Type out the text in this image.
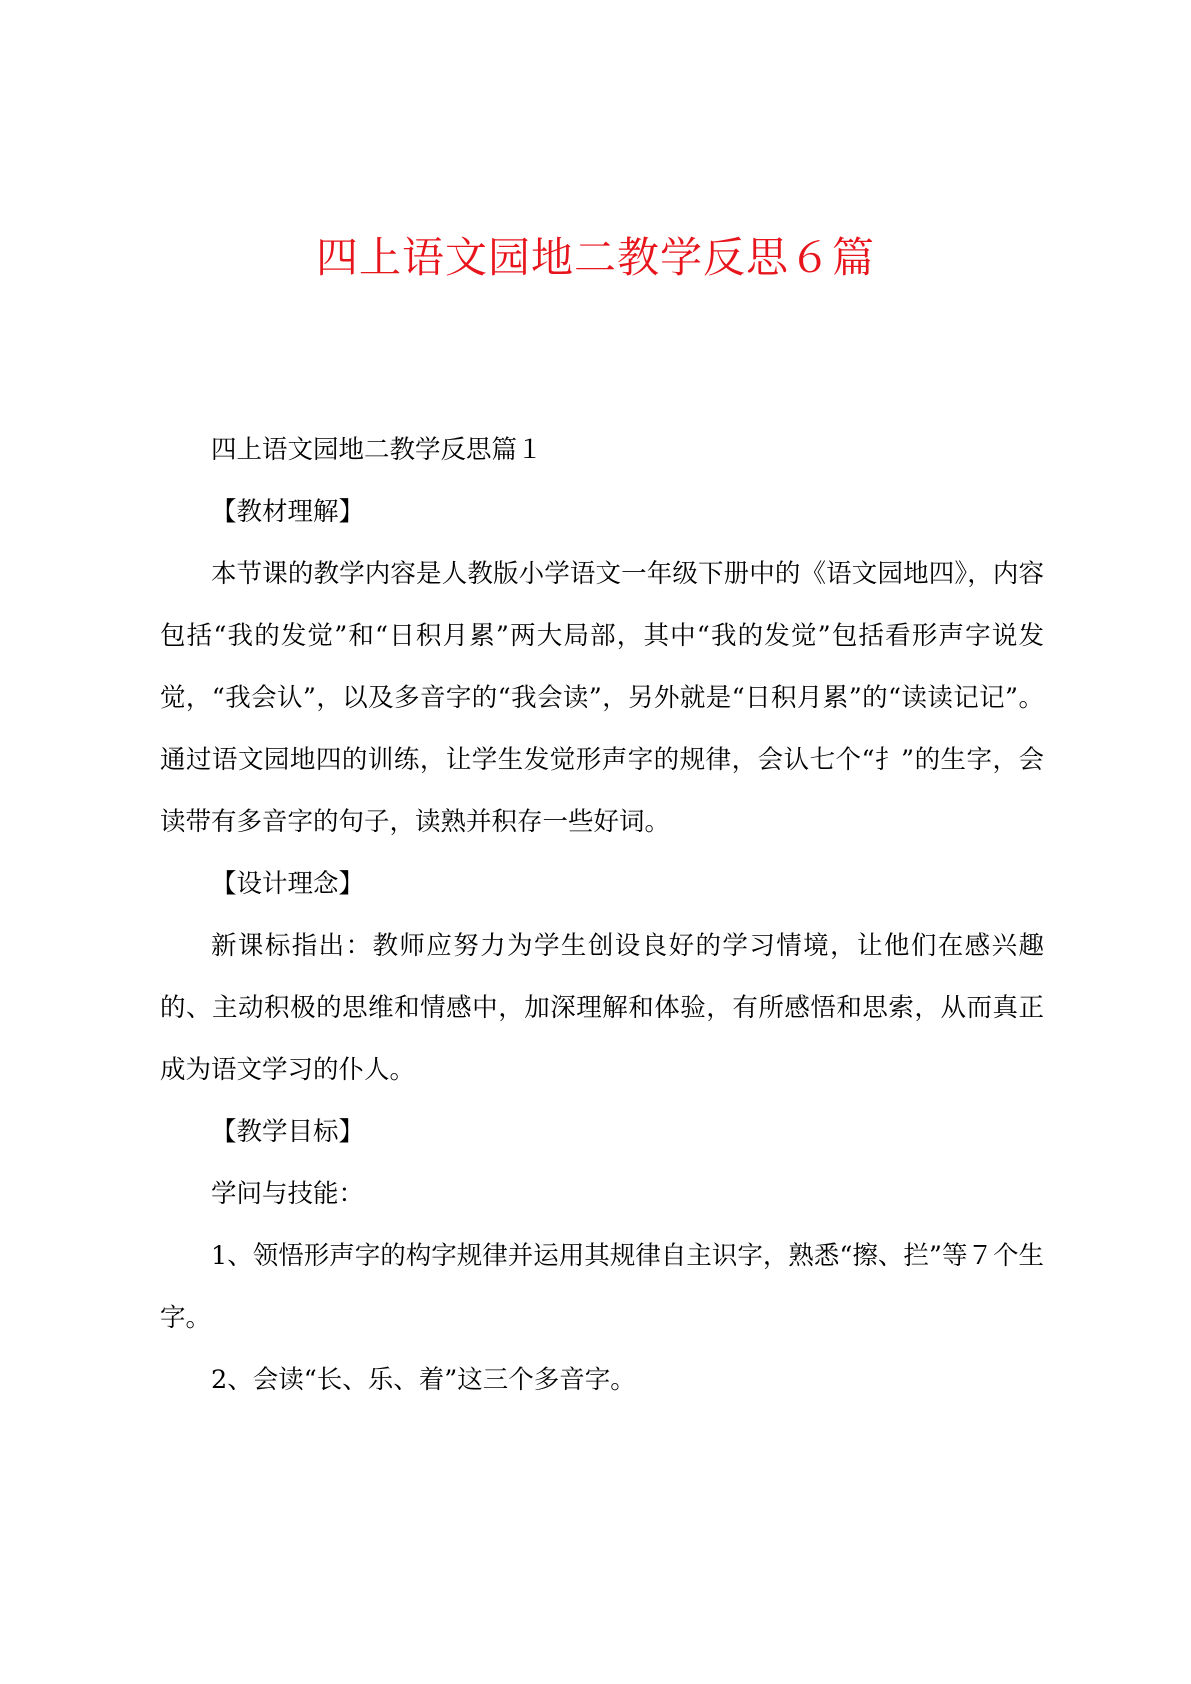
四上语文园地二教学反思６篇

四上语文园地二教学反思篇１

【教材理解】

本节课的教学内容是人教版小学语文一年级下册中的《语文园地四》，内容包括“我的发觉”和“日积月累”两大局部，其中“我的发觉”包括看形声字说发觉，“我会认”，以及多音字的“我会读”，另外就是“日积月累”的“读读记记”。通过语文园地四的训练，让学生发觉形声字的规律，会认七个“扌”的生字，会读带有多音字的句子，读熟并积存一些好词。

【设计理念】

新课标指出：教师应努力为学生创设良好的学习情境，让他们在感兴趣的、主动积极的思维和情感中，加深理解和体验，有所感悟和思索，从而真正成为语文学习的仆人。

【教学目标】

学问与技能：

1、领悟形声字的构字规律并运用其规律自主识字，熟悉“擦、拦”等７个生字。

2、会读“长、乐、着”这三个多音字。
